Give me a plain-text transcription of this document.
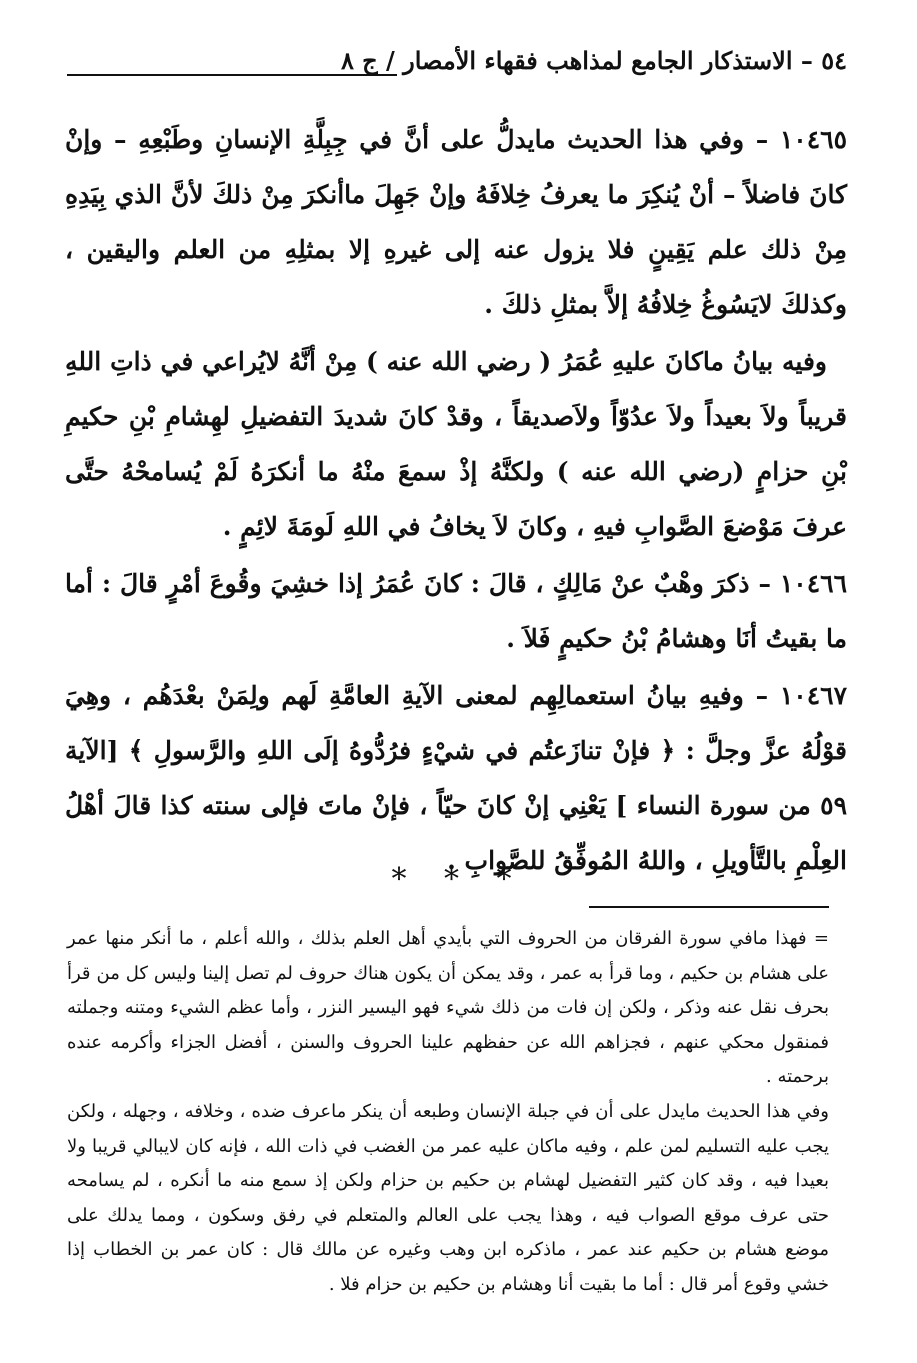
٥٤ – الاستذكار الجامع لمذاهب فقهاء الأمصار / ج ٨

١٠٤٦٥ – وفي هذا الحديث مايدلُّ على أنَّ في جِبِلَّةِ الإنسانِ وطَبْعِهِ – وإنْ كانَ فاضلاً – أنْ يُنكِرَ ما يعرفُ خِلافَهُ وإنْ جَهِلَ ماأنكرَ مِنْ ذلكَ لأنَّ الذي بِيَدِهِ مِنْ ذلك علم يَقِينٍ فلا يزول عنه إلى غيرهِ إلا بمثلِهِ من العلم واليقين ، وكذلكَ لايَسُوغُ خِلافُهُ إلاَّ بمثلِ ذلكَ .

وفيه بيانُ ماكانَ عليهِ عُمَرُ ( رضي الله عنه ) مِنْ أنَّهُ لايُراعي في ذاتِ اللهِ قريباً ولاَ بعيداً ولاَ عدُوّاً ولاَصديقاً ، وقدْ كانَ شديدَ التفضيلِ لهِشامِ بْنِ حكيمِ بْنِ حزامٍ (رضي الله عنه ) ولكنَّهُ إذْ سمعَ منْهُ ما أنكرَهُ لَمْ يُسامحْهُ حتَّى عرفَ مَوْضعَ الصَّوابِ فيهِ ، وكانَ لاَ يخافُ في اللهِ لَومَةَ لائِمٍ .

١٠٤٦٦ – ذكرَ وهْبٌ عنْ مَالِكٍ ، قالَ : كانَ عُمَرُ إذا خشِيَ وقُوعَ أمْرٍ قالَ : أما ما بقيتُ أنَا وهشامُ بْنُ حكيمٍ فَلاَ .

١٠٤٦٧ – وفيهِ بيانُ استعمالِهِم لمعنى الآيةِ العامَّةِ لَهم ولِمَنْ بعْدَهُم ، وهِيَ قوْلُهُ عزَّ وجلَّ : ﴿ فإنْ تنازَعتُم في شيْءٍ فرُدُّوهُ إلَى اللهِ والرَّسولِ ﴾ [الآية ٥٩ من سورة النساء ] يَعْنِي إنْ كانَ حيّاً ، فإنْ ماتَ فإلى سنته كذا قالَ أهْلُ العِلْمِ بالتَّأويلِ ، واللهُ المُوفِّقُ للصَّوابِ .

* * *

= فهذا مافي سورة الفرقان من الحروف التي بأيدي أهل العلم بذلك ، والله أعلم ، ما أنكر منها عمر على هشام بن حكيم ، وما قرأ به عمر ، وقد يمكن أن يكون هناك حروف لم تصل إلينا وليس كل من قرأ بحرف نقل عنه وذكر ، ولكن إن فات من ذلك شيء فهو اليسير النزر ، وأما عظم الشيء ومتنه وجملته فمنقول محكي عنهم ، فجزاهم الله عن حفظهم علينا الحروف والسنن ، أفضل الجزاء وأكرمه عنده برحمته .

وفي هذا الحديث مايدل على أن في جبلة الإنسان وطبعه أن ينكر ماعرف ضده ، وخلافه ، وجهله ، ولكن يجب عليه التسليم لمن علم ، وفيه ماكان عليه عمر من الغضب في ذات الله ، فإنه كان لايبالي قريبا ولا بعيدا فيه ، وقد كان كثير التفضيل لهشام بن حكيم بن حزام ولكن إذ سمع منه ما أنكره ، لم يسامحه حتى عرف موقع الصواب فيه ، وهذا يجب على العالم والمتعلم في رفق وسكون ، ومما يدلك على موضع هشام بن حكيم عند عمر ، ماذكره ابن وهب وغيره عن مالك قال : كان عمر بن الخطاب إذا خشي وقوع أمر قال : أما ما بقيت أنا وهشام بن حكيم بن حزام فلا .
